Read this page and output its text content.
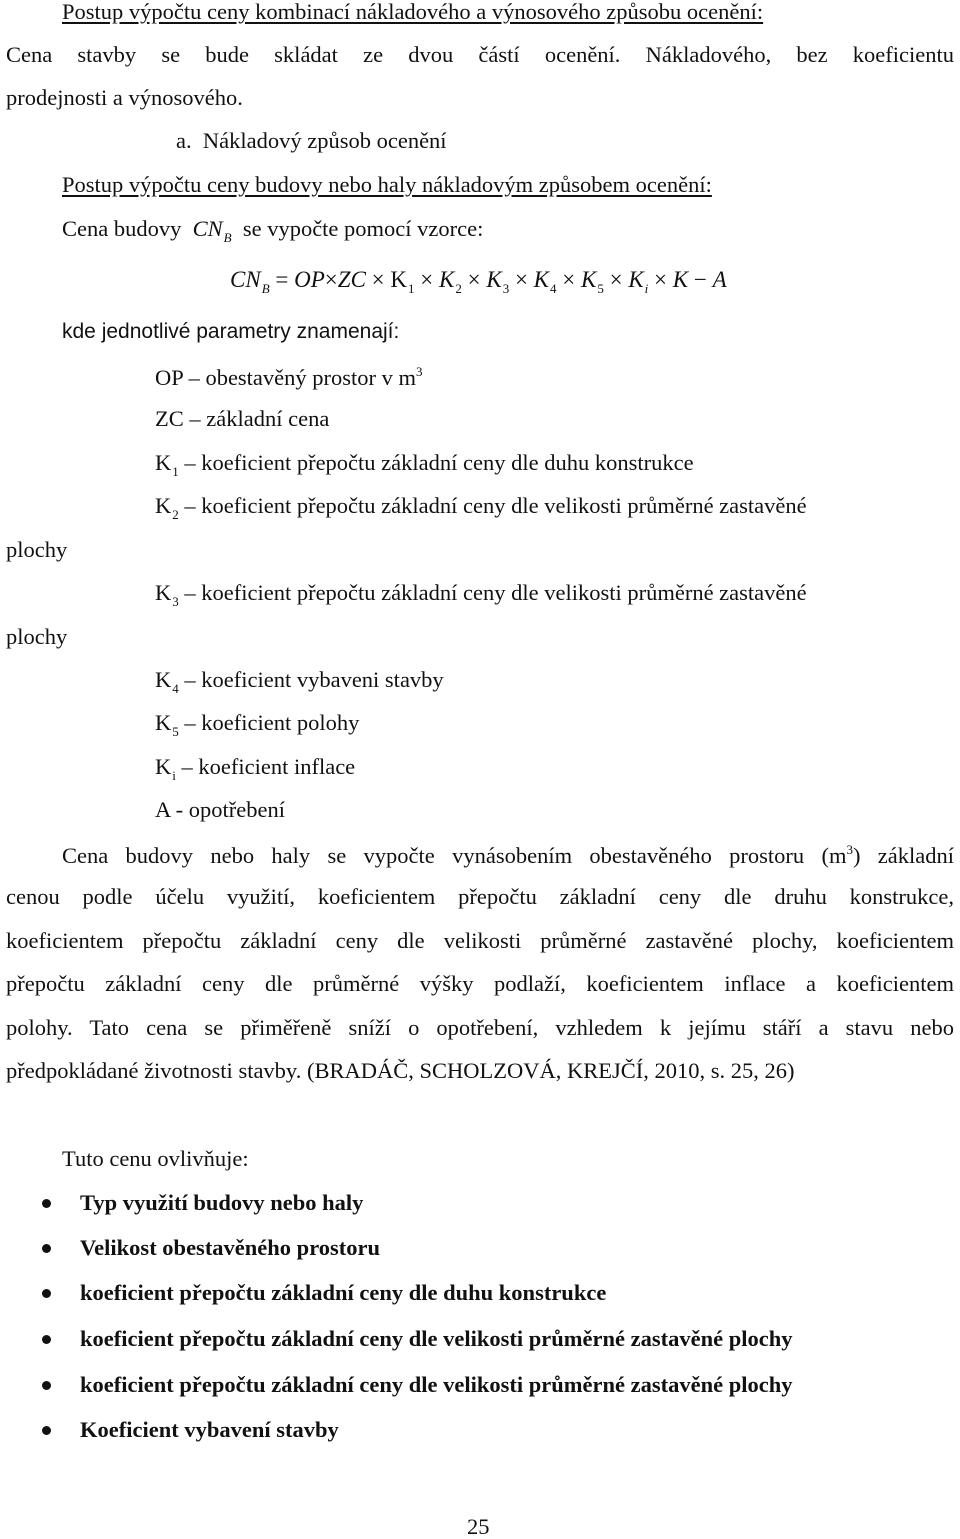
Postup výpočtu ceny kombinací nákladového a výnosového způsobu ocenění:
Cena stavby se bude skládat ze dvou částí ocenění. Nákladového, bez koeficientu
prodejnosti a výnosového.
a. Nákladový způsob ocenění
Postup výpočtu ceny budovy nebo haly nákladovým způsobem ocenění:
Cena budovy $CN_B$ se vypočte pomocí vzorce:
$CN_B = OP\times ZC \times K_1 \times K_2 \times K_3 \times K_4 \times K_5 \times K_i \times K - A$
kde jednotlivé parametry znamenají:
OP – obestavěný prostor v $m^3$
ZC – základní cena
$K_1$ – koeficient přepočtu základní ceny dle duhu konstrukce
$K_2$ – koeficient přepočtu základní ceny dle velikosti průměrné zastavěné
plochy
$K_3$ – koeficient přepočtu základní ceny dle velikosti průměrné zastavěné
plochy
$K_4$ – koeficient vybaveni stavby
$K_5$ – koeficient polohy
$K_i$ – koeficient inflace
A - opotřebení
Cena budovy nebo haly se vypočte vynásobením obestavěného prostoru $(m^3)$ základní
cenou podle účelu využití, koeficientem přepočtu základní ceny dle druhu konstrukce,
koeficientem přepočtu základní ceny dle velikosti průměrné zastavěné plochy, koeficientem
přepočtu základní ceny dle průměrné výšky podlaží, koeficientem inflace a koeficientem
polohy. Tato cena se přiměřeně sníží o opotřebení, vzhledem k jejímu stáří a stavu nebo
předpokládané životnosti stavby. (BRADÁČ, SCHOLZOVÁ, KREJČÍ, 2010, s. 25, 26)
Tuto cenu ovlivňuje:
Typ využití budovy nebo haly
Velikost obestavěného prostoru
koeficient přepočtu základní ceny dle duhu konstrukce
koeficient přepočtu základní ceny dle velikosti průměrné zastavěné plochy
koeficient přepočtu základní ceny dle velikosti průměrné zastavěné plochy
Koeficient vybavení stavby
25
